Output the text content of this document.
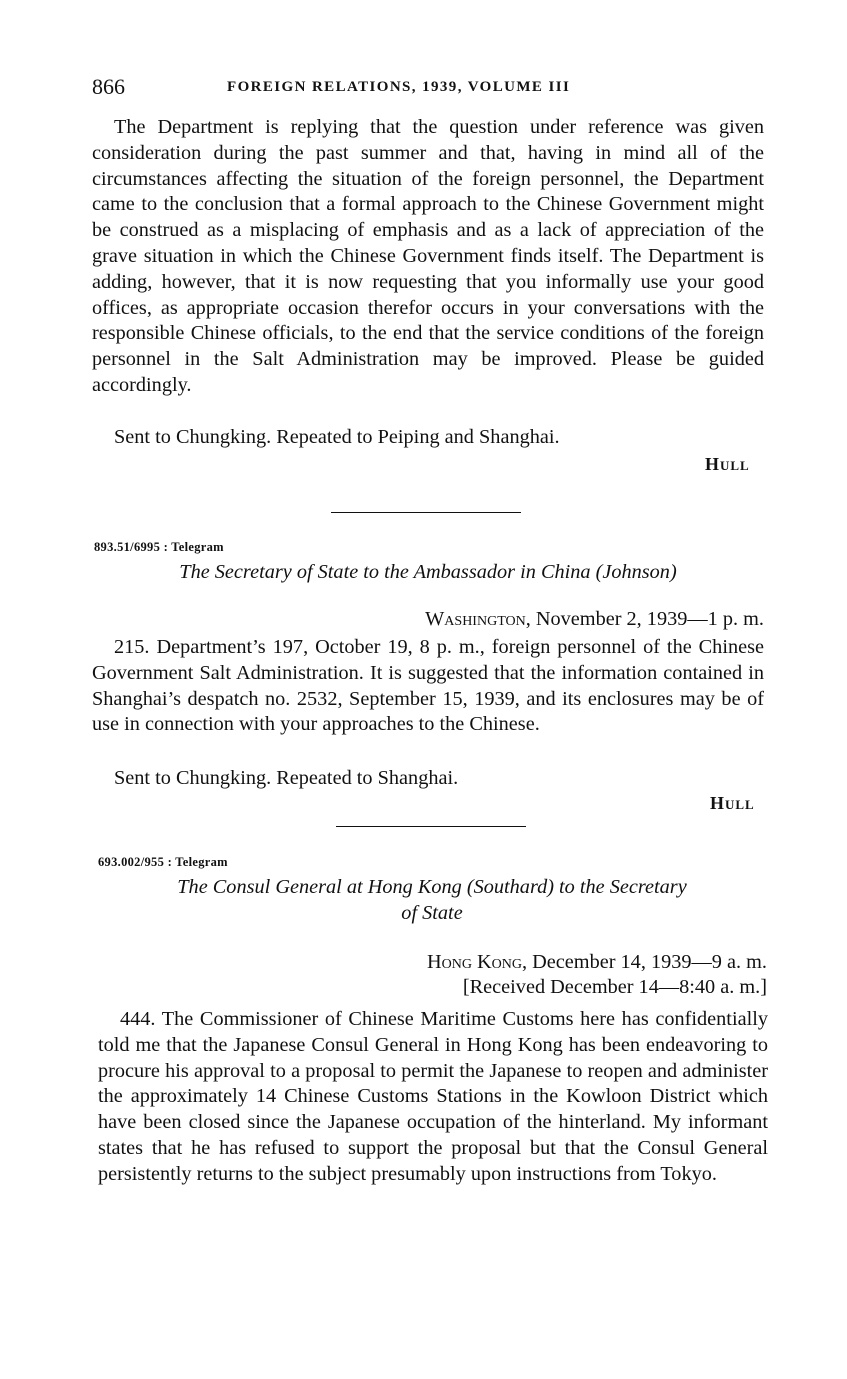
866	FOREIGN RELATIONS, 1939, VOLUME III

The Department is replying that the question under reference was given consideration during the past summer and that, having in mind all of the circumstances affecting the situation of the foreign personnel, the Department came to the conclusion that a formal approach to the Chinese Government might be construed as a misplacing of emphasis and as a lack of appreciation of the grave situation in which the Chinese Government finds itself. The Department is adding, however, that it is now requesting that you informally use your good offices, as appropriate occasion therefor occurs in your conversations with the responsible Chinese officials, to the end that the service conditions of the foreign personnel in the Salt Administration may be improved. Please be guided accordingly.

Sent to Chungking. Repeated to Peiping and Shanghai.

Hull
893.51/6995 : Telegram
The Secretary of State to the Ambassador in China (Johnson)
Washington, November 2, 1939—1 p. m.

215. Department’s 197, October 19, 8 p. m., foreign personnel of the Chinese Government Salt Administration. It is suggested that the information contained in Shanghai’s despatch no. 2532, September 15, 1939, and its enclosures may be of use in connection with your approaches to the Chinese.

Sent to Chungking. Repeated to Shanghai.

Hull
693.002/955 : Telegram
The Consul General at Hong Kong (Southard) to the Secretary
of State
Hong Kong, December 14, 1939—9 a. m.
[Received December 14—8:40 a. m.]

444. The Commissioner of Chinese Maritime Customs here has confidentially told me that the Japanese Consul General in Hong Kong has been endeavoring to procure his approval to a proposal to permit the Japanese to reopen and administer the approximately 14 Chinese Customs Stations in the Kowloon District which have been closed since the Japanese occupation of the hinterland. My informant states that he has refused to support the proposal but that the Consul General persistently returns to the subject presumably upon instructions from Tokyo.
